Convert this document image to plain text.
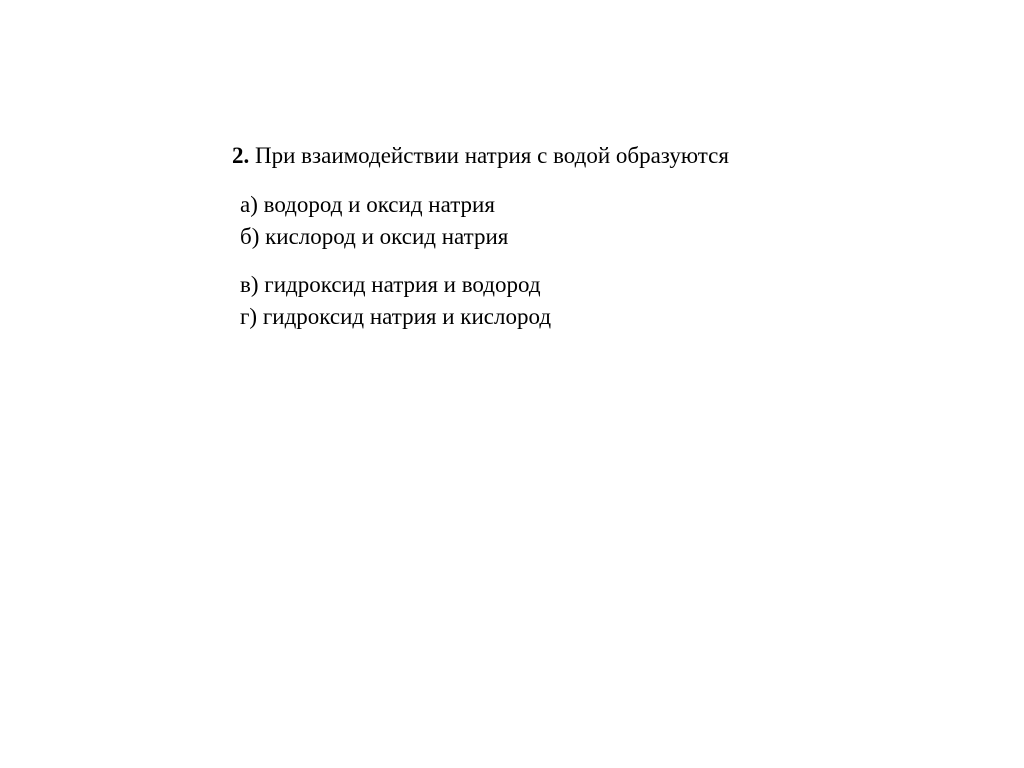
2. При взаимодействии натрия с водой образуются
а) водород и оксид натрия
б) кислород и оксид натрия
в) гидроксид натрия и водород
г) гидроксид натрия и кислород
